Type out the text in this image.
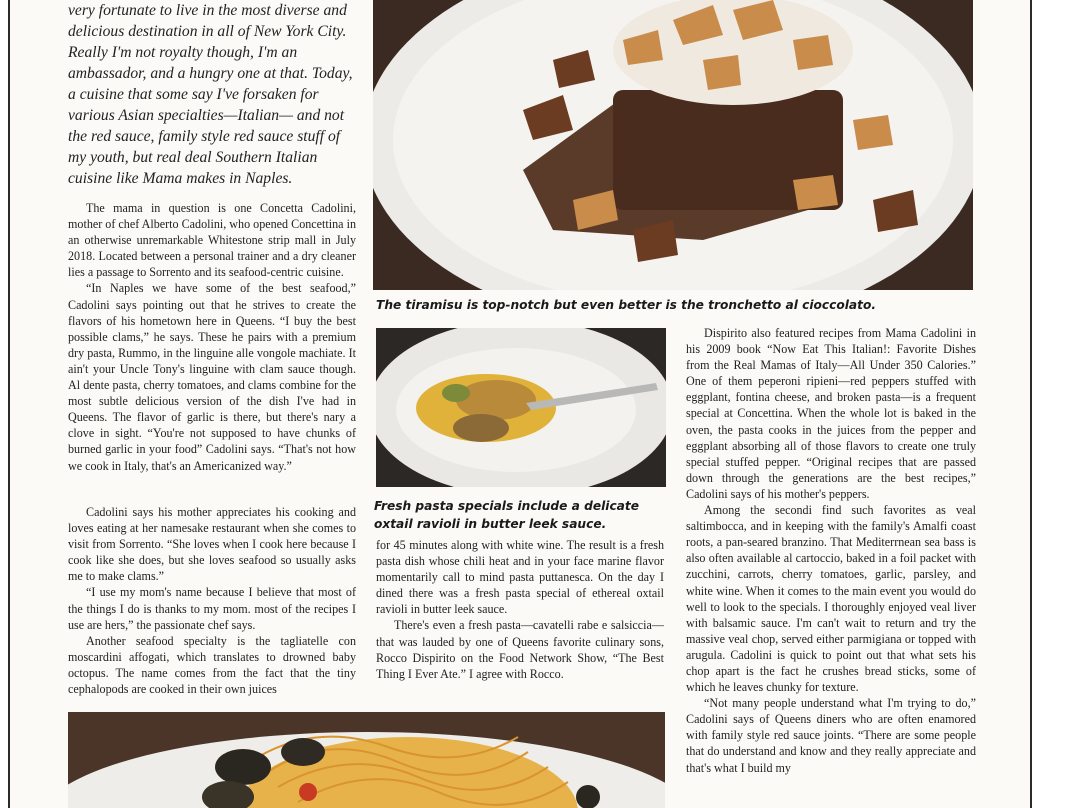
very fortunate to live in the most diverse and delicious destination in all of New York City. Really I'm not royalty though, I'm an ambassador, and a hungry one at that. Today, a cuisine that some say I've forsaken for various Asian specialties—Italian— and not the red sauce, family style red sauce stuff of my youth, but real deal Southern Italian cuisine like Mama makes in Naples.

The mama in question is one Concetta Cadolini, mother of chef Alberto Cadolini, who opened Concettina in an otherwise unremarkable Whitestone strip mall in July 2018. Located between a personal trainer and a dry cleaner lies a passage to Sorrento and its seafood-centric cuisine.

“In Naples we have some of the best seafood,” Cadolini says pointing out that he strives to create the flavors of his hometown here in Queens. “I buy the best possible clams,” he says. These he pairs with a premium dry pasta, Rummo, in the linguine alle vongole machiate. It ain't your Uncle Tony's linguine with clam sauce though. Al dente pasta, cherry tomatoes, and clams combine for the most subtle delicious version of the dish I've had in Queens. The flavor of garlic is there, but there's nary a clove in sight. “You're not supposed to have chunks of burned garlic in your food” Cadolini says. “That's not how we cook in Italy, that's an Americanized way.”

Cadolini says his mother appreciates his cooking and loves eating at her namesake restaurant when she comes to visit from Sorrento. “She loves when I cook here because I cook like she does, but she loves seafood so usually asks me to make clams.”

“I use my mom's name because I believe that most of the things I do is thanks to my mom. most of the recipes I use are hers,” the passionate chef says.

Another seafood specialty is the tagliatelle con moscardini affogati, which translates to drowned baby octopus. The name comes from the fact that the tiny cephalopods are cooked in their own juices

The tiramisu is top-notch but even better is the tronchetto al cioccolato.
Fresh pasta specials include a delicate oxtail ravioli in butter leek sauce.

for 45 minutes along with white wine. The result is a fresh pasta dish whose chili heat and in your face marine flavor momentarily call to mind pasta puttanesca. On the day I dined there was a fresh pasta special of ethereal oxtail ravioli in butter leek sauce.

There's even a fresh pasta—cavatelli rabe e salsiccia—that was lauded by one of Queens favorite culinary sons, Rocco Dispirito on the Food Network Show, “The Best Thing I Ever Ate.” I agree with Rocco.

Dispirito also featured recipes from Mama Cadolini in his 2009 book “Now Eat This Italian!: Favorite Dishes from the Real Mamas of Italy—All Under 350 Calories.” One of them peperoni ripieni—red peppers stuffed with eggplant, fontina cheese, and broken pasta—is a frequent special at Concettina. When the whole lot is baked in the oven, the pasta cooks in the juices from the pepper and eggplant absorbing all of those flavors to create one truly special stuffed pepper. “Original recipes that are passed down through the generations are the best recipes,” Cadolini says of his mother's peppers.

Among the secondi find such favorites as veal saltimbocca, and in keeping with the family's Amalfi coast roots, a pan-seared branzino. That Mediterrnean sea bass is also often available al cartoccio, baked in a foil packet with zucchini, carrots, cherry tomatoes, garlic, parsley, and white wine. When it comes to the main event you would do well to look to the specials. I thoroughly enjoyed veal liver with balsamic sauce. I'm can't wait to return and try the massive veal chop, served either parmigiana or topped with arugula. Cadolini is quick to point out that what sets his chop apart is the fact he crushes bread sticks, some of which he leaves chunky for texture.

“Not many people understand what I'm trying to do,” Cadolini says of Queens diners who are often enamored with family style red sauce joints. “There are some people that do understand and know and they really appreciate and that's what I build my
